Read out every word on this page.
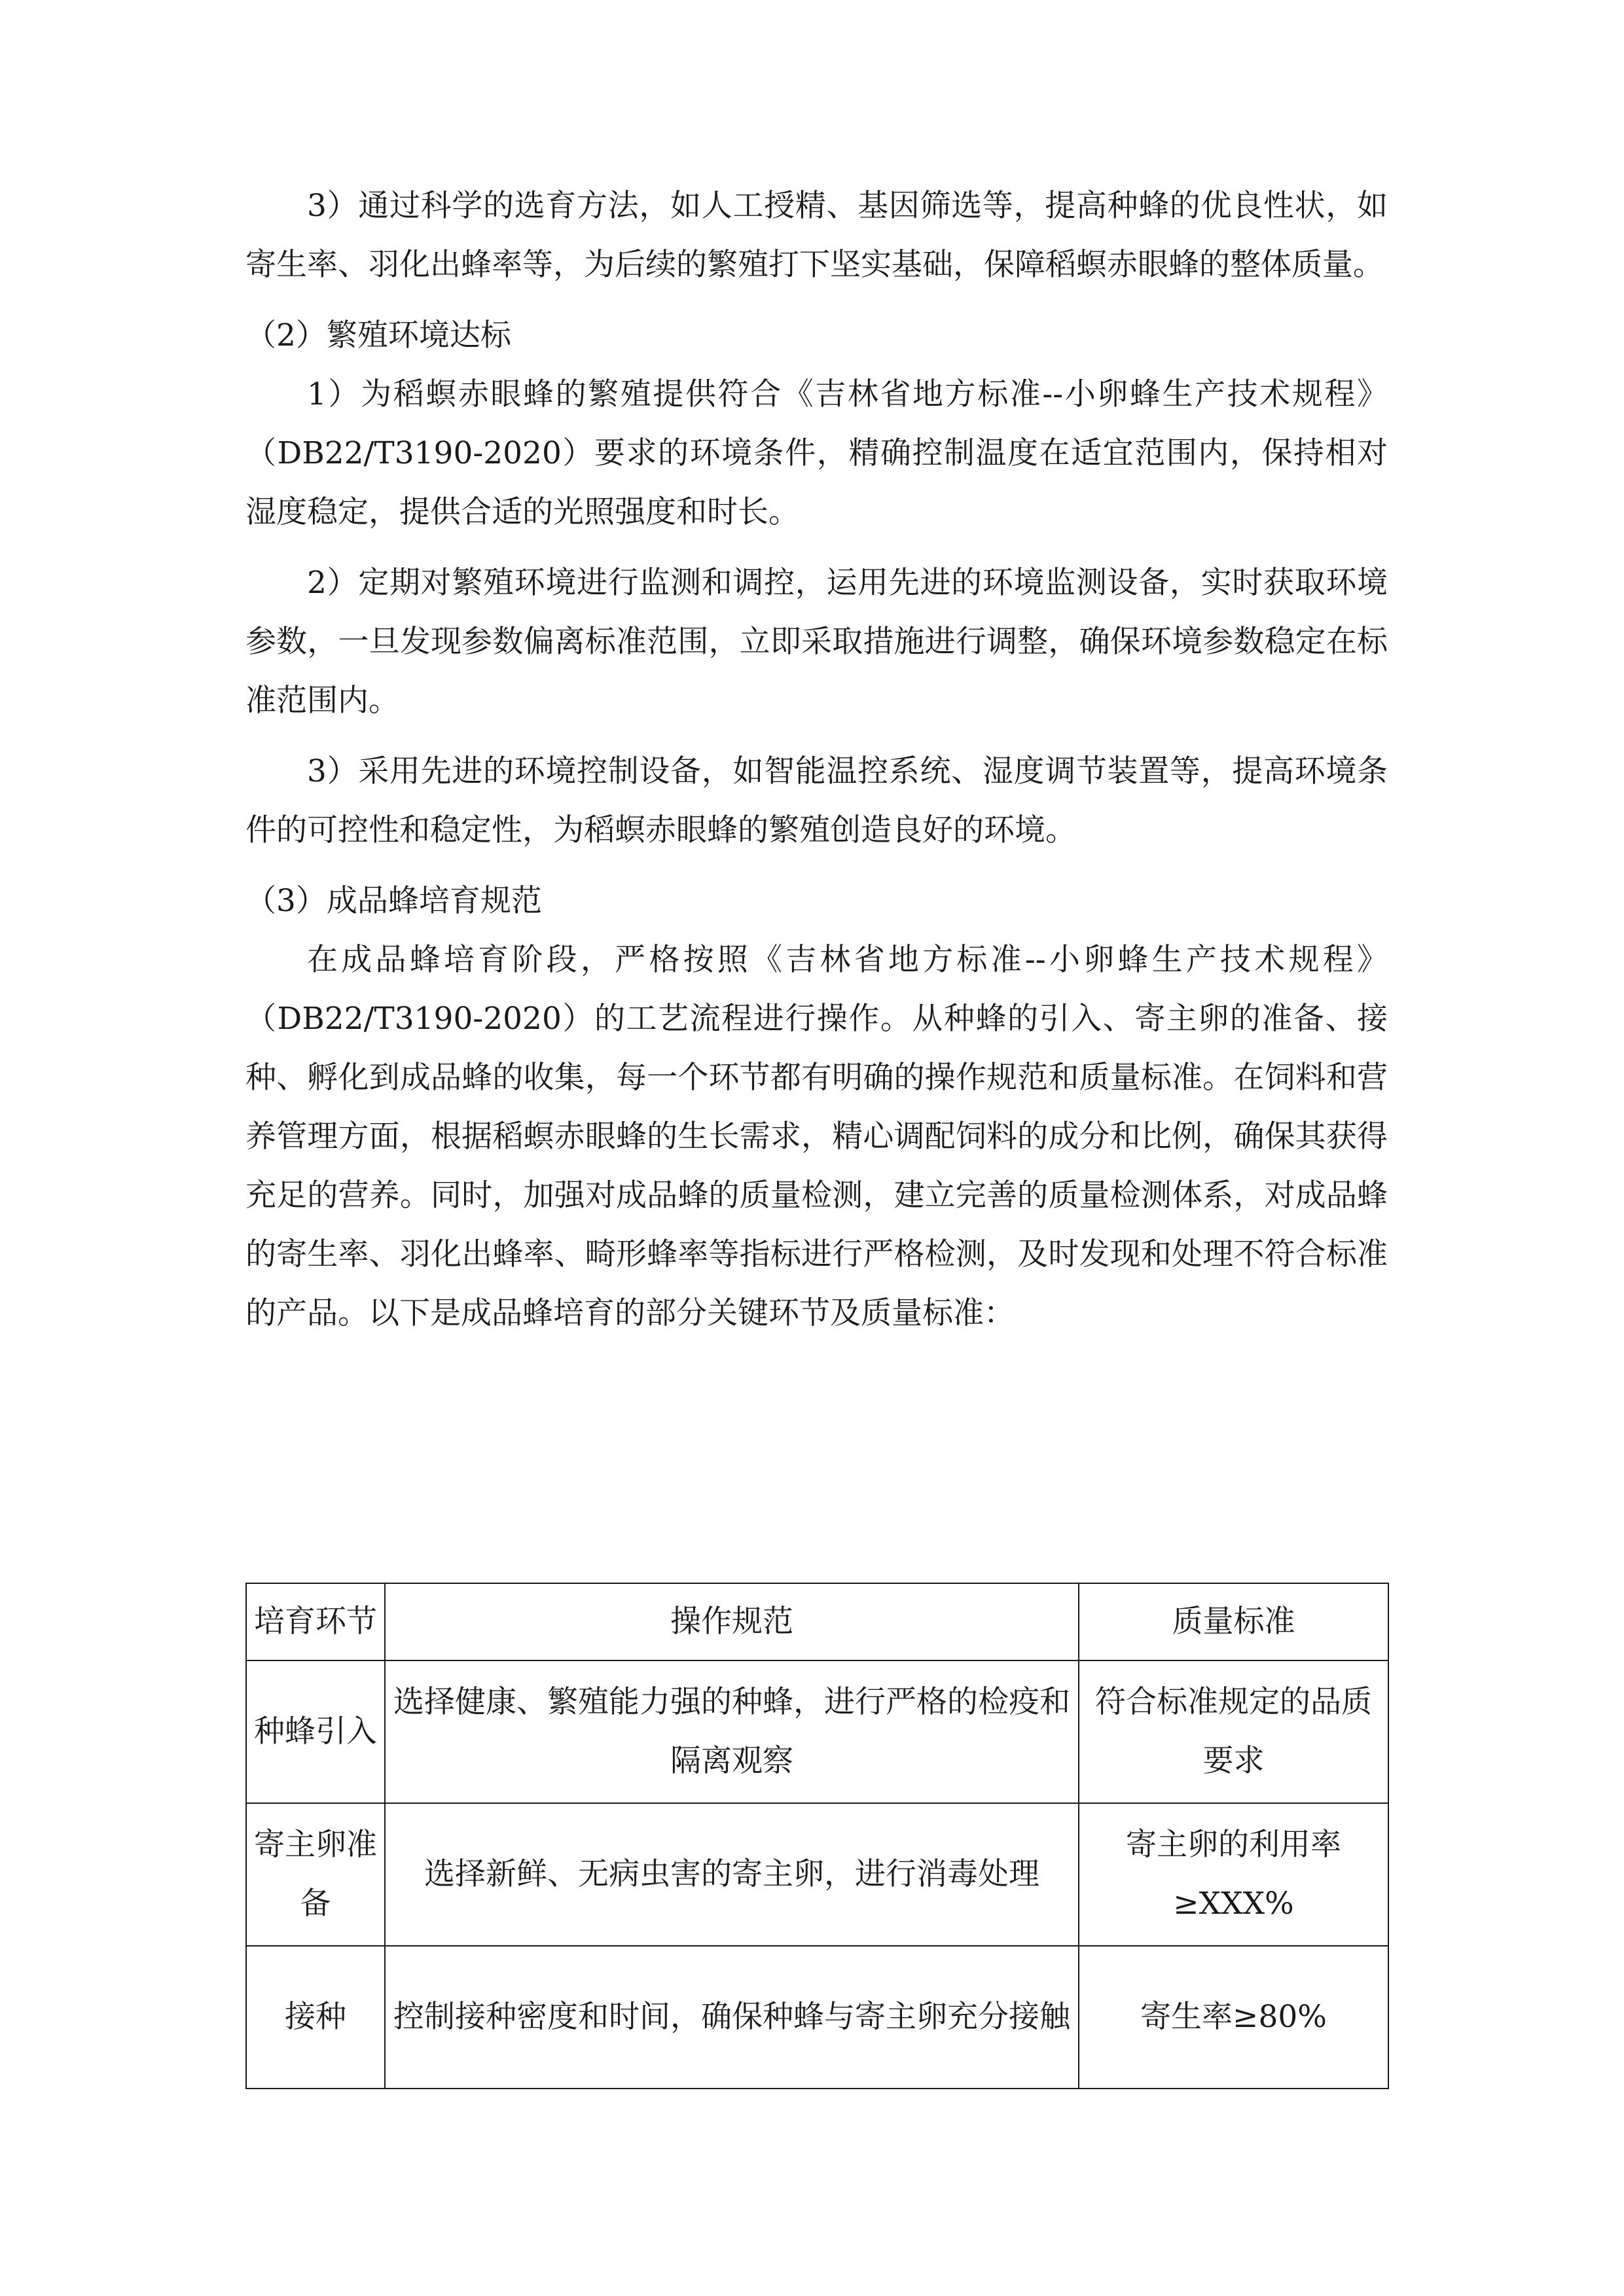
3）通过科学的选育方法，如人工授精、基因筛选等，提高种蜂的优良性状，如寄生率、羽化出蜂率等，为后续的繁殖打下坚实基础，保障稻螟赤眼蜂的整体质量。

（2）繁殖环境达标

1）为稻螟赤眼蜂的繁殖提供符合《吉林省地方标准--小卵蜂生产技术规程》（DB22/T3190-2020）要求的环境条件，精确控制温度在适宜范围内，保持相对湿度稳定，提供合适的光照强度和时长。

2）定期对繁殖环境进行监测和调控，运用先进的环境监测设备，实时获取环境参数，一旦发现参数偏离标准范围，立即采取措施进行调整，确保环境参数稳定在标准范围内。

3）采用先进的环境控制设备，如智能温控系统、湿度调节装置等，提高环境条件的可控性和稳定性，为稻螟赤眼蜂的繁殖创造良好的环境。

（3）成品蜂培育规范

在成品蜂培育阶段，严格按照《吉林省地方标准--小卵蜂生产技术规程》（DB22/T3190-2020）的工艺流程进行操作。从种蜂的引入、寄主卵的准备、接种、孵化到成品蜂的收集，每一个环节都有明确的操作规范和质量标准。在饲料和营养管理方面，根据稻螟赤眼蜂的生长需求，精心调配饲料的成分和比例，确保其获得充足的营养。同时，加强对成品蜂的质量检测，建立完善的质量检测体系，对成品蜂的寄生率、羽化出蜂率、畸形蜂率等指标进行严格检测，及时发现和处理不符合标准的产品。以下是成品蜂培育的部分关键环节及质量标准：

培育环节	操作规范	质量标准
种蜂引入	选择健康、繁殖能力强的种蜂，进行严格的检疫和隔离观察	符合标准规定的品质要求
寄主卵准备	选择新鲜、无病虫害的寄主卵，进行消毒处理	寄主卵的利用率≥XXX%
接种	控制接种密度和时间，确保种蜂与寄主卵充分接触	寄生率≥80%
